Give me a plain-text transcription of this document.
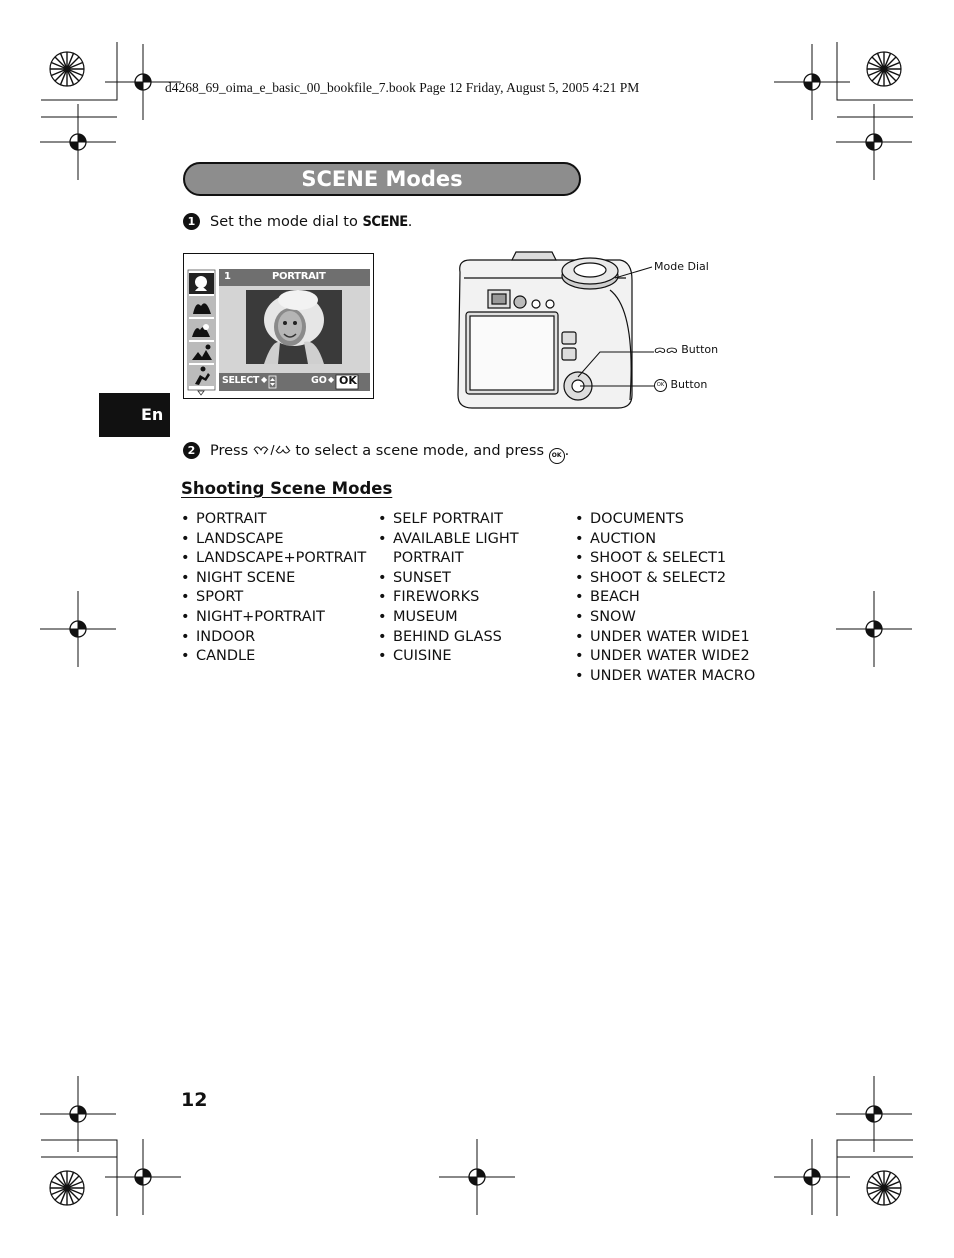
d4268_69_oima_e_basic_00_bookfile_7.book Page 12 Friday, August 5, 2005 4:21 PM
SCENE Modes
1	Set the mode dial to SCENE.
1	PORTRAIT
SELECT ◆	GO ◆ OK
Mode Dial
ᯅᯅ Button
OK Button
En
2	Press	to select a scene mode, and press OK .
Shooting Scene Modes
• PORTRAIT
• LANDSCAPE
• LANDSCAPE+PORTRAIT
• NIGHT SCENE
• SPORT
• NIGHT+PORTRAIT
• INDOOR
• CANDLE
• SELF PORTRAIT
• AVAILABLE LIGHT
PORTRAIT
• SUNSET
• FIREWORKS
• MUSEUM
• BEHIND GLASS
• CUISINE
• DOCUMENTS
• AUCTION
• SHOOT & SELECT1
• SHOOT & SELECT2
• BEACH
• SNOW
• UNDER WATER WIDE1
• UNDER WATER WIDE2
• UNDER WATER MACRO
12
